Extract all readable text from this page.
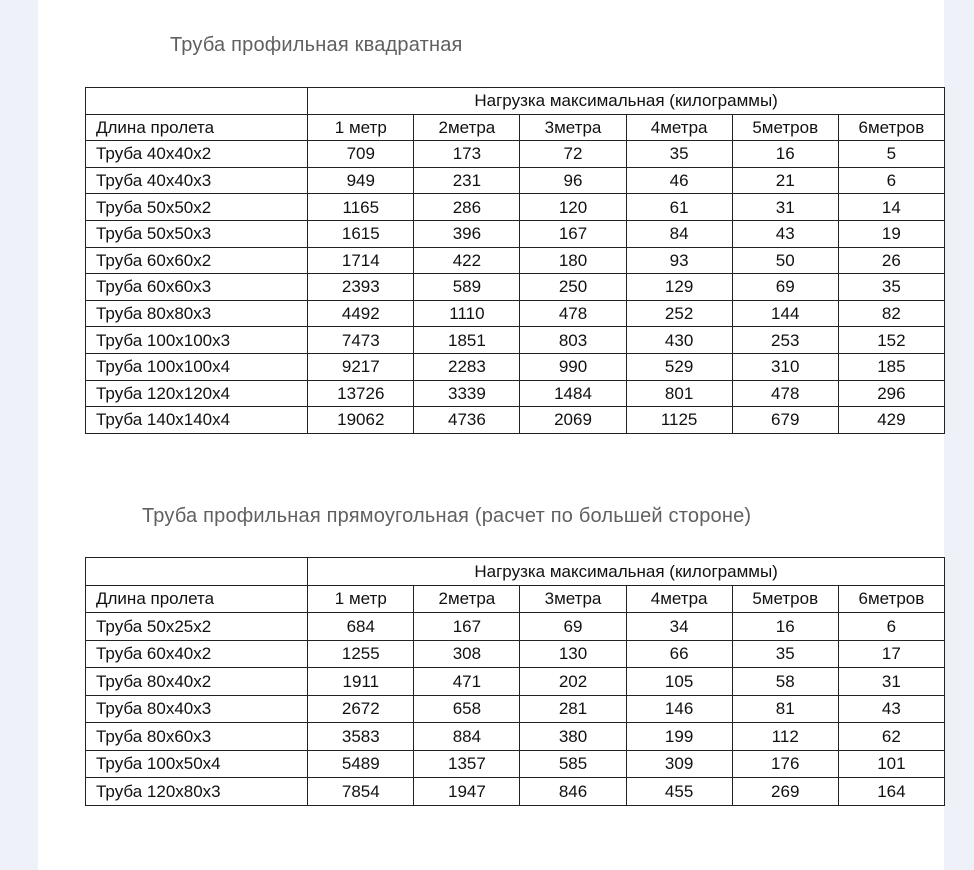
Труба профильная квадратная
	Нагрузка максимальная (килограммы)					
Длина пролета	1 метр	2метра	3метра	4метра	5метров	6метров
Труба 40х40х2	709	173	72	35	16	5
Труба 40х40х3	949	231	96	46	21	6
Труба 50х50х2	1165	286	120	61	31	14
Труба 50х50х3	1615	396	167	84	43	19
Труба 60х60х2	1714	422	180	93	50	26
Труба 60х60х3	2393	589	250	129	69	35
Труба 80х80х3	4492	1110	478	252	144	82
Труба 100х100х3	7473	1851	803	430	253	152
Труба 100х100х4	9217	2283	990	529	310	185
Труба 120х120х4	13726	3339	1484	801	478	296
Труба 140х140х4	19062	4736	2069	1125	679	429
Труба профильная прямоугольная (расчет по большей стороне)
	Нагрузка максимальная (килограммы)					
Длина пролета	1 метр	2метра	3метра	4метра	5метров	6метров
Труба 50х25х2	684	167	69	34	16	6
Труба 60х40х2	1255	308	130	66	35	17
Труба 80х40х2	1911	471	202	105	58	31
Труба 80х40х3	2672	658	281	146	81	43
Труба 80х60х3	3583	884	380	199	112	62
Труба 100х50х4	5489	1357	585	309	176	101
Труба 120х80х3	7854	1947	846	455	269	164
